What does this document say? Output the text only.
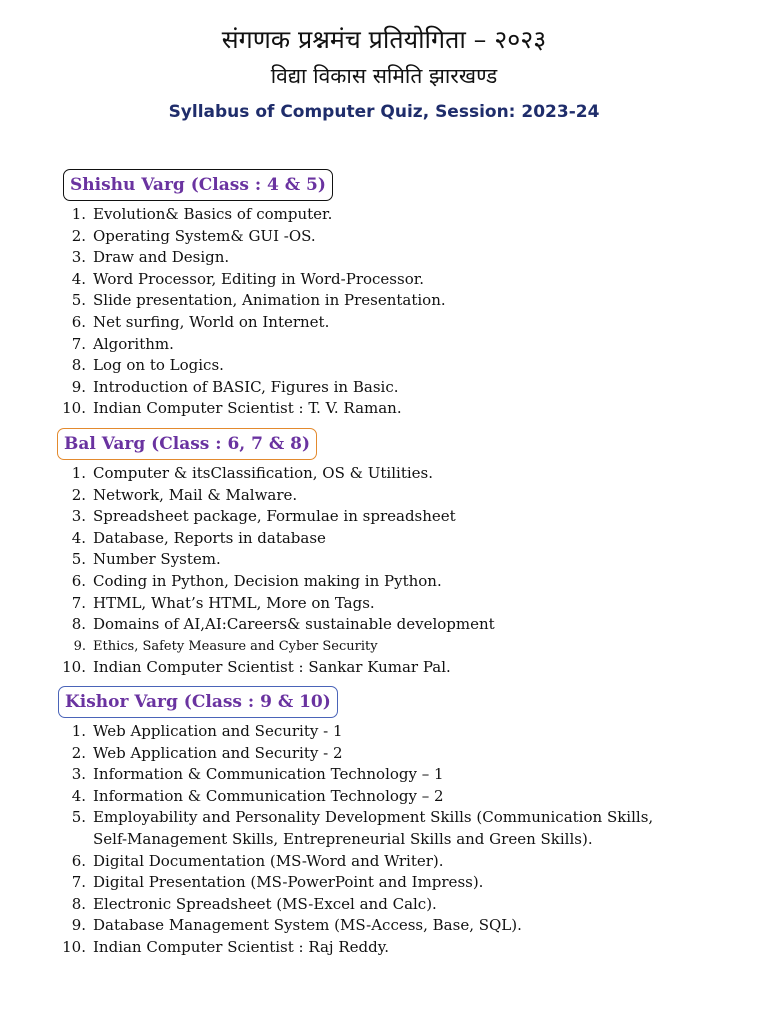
संगणक प्रश्नमंच प्रतियोगिता – २०२३
विद्या विकास समिति झारखण्ड
Syllabus of Computer Quiz, Session: 2023-24
Shishu Varg (Class : 4 & 5)
1. Evolution& Basics of computer.
2. Operating System& GUI -OS.
3. Draw and Design.
4. Word Processor, Editing in Word-Processor.
5. Slide presentation, Animation in Presentation.
6. Net surfing, World on Internet.
7. Algorithm.
8. Log on to Logics.
9. Introduction of BASIC, Figures in Basic.
10. Indian Computer Scientist : T. V. Raman.
Bal Varg (Class : 6, 7 & 8)
1. Computer & itsClassification, OS & Utilities.
2. Network, Mail & Malware.
3. Spreadsheet package, Formulae in spreadsheet
4. Database, Reports in database
5. Number System.
6. Coding in Python, Decision making in Python.
7. HTML, What’s HTML, More on Tags.
8. Domains of AI,AI:Careers& sustainable development
9. Ethics, Safety Measure and Cyber Security
10. Indian Computer Scientist : Sankar Kumar Pal.
Kishor Varg (Class : 9 & 10)
1. Web Application and Security - 1
2. Web Application and Security - 2
3. Information & Communication Technology – 1
4. Information & Communication Technology – 2
5. Employability and Personality Development Skills (Communication Skills, Self-Management Skills, Entrepreneurial Skills and Green Skills).
6. Digital Documentation (MS-Word and Writer).
7. Digital Presentation (MS-PowerPoint and Impress).
8. Electronic Spreadsheet (MS-Excel and Calc).
9. Database Management System (MS-Access, Base, SQL).
10. Indian Computer Scientist : Raj Reddy.
